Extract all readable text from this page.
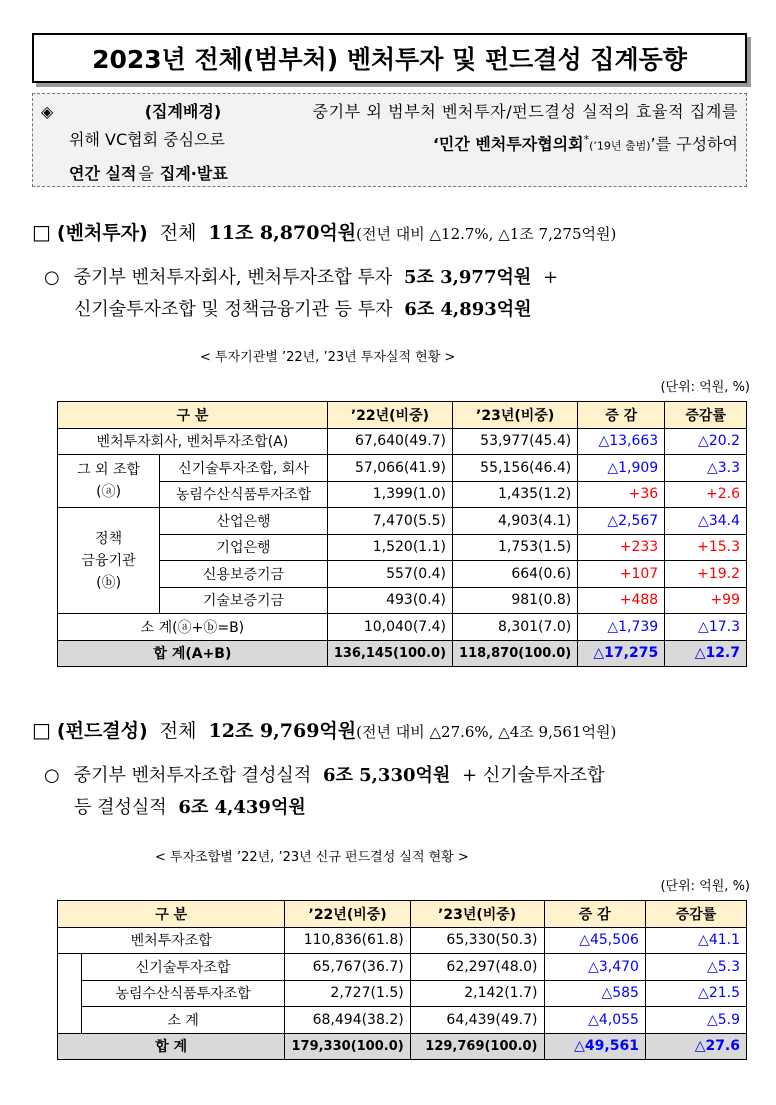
2023년 전체(범부처) 벤처투자 및 펀드결성 집계동향
◈	(집계배경)	중기부 외 범부처 벤처투자/펀드결성 실적의 효율적 집계를
위해 VC협회 중심으로	‘민간 벤처투자협의회*(’19년 출범)’를 구성하여
연간 실적 을 집계·발표
□ (벤처투자) 전체 11조 8,870억원(전년 대비 △12.7%, △1조 7,275억원)
○ 중기부 벤처투자회사, 벤처투자조합 투자 5조 3,977억원 +
신기술투자조합 및 정책금융기관 등 투자 6조 4,893억원
< 투자기관별 ’22년, ’23년 투자실적 현황 >
(단위: 억원, %)
구 분		’22년(비중)	’23년(비중)	증 감	증감률
벤처투자회사, 벤처투자조합(A)		67,640(49.7)	53,977(45.4)	△13,663	△20.2
그 외 조합
(ⓐ)	신기술투자조합, 회사	57,066(41.9)	55,156(46.4)	△1,909	△3.3
	농림수산식품투자조합	1,399(1.0)	1,435(1.2)	+36	+2.6
정책
금융기관
(ⓑ)	산업은행	7,470(5.5)	4,903(4.1)	△2,567	△34.4
	기업은행	1,520(1.1)	1,753(1.5)	+233	+15.3
	신용보증기금	557(0.4)	664(0.6)	+107	+19.2
	기술보증기금	493(0.4)	981(0.8)	+488	+99
소 계(ⓐ+ⓑ=B)		10,040(7.4)	8,301(7.0)	△1,739	△17.3
합 계(A+B)		136,145(100.0)	118,870(100.0)	△17,275	△12.7
□ (펀드결성) 전체 12조 9,769억원(전년 대비 △27.6%, △4조 9,561억원)
○ 중기부 벤처투자조합 결성실적 6조 5,330억원 + 신기술투자조합
등 결성실적 6조 4,439억원
< 투자조합별 ’22년, ’23년 신규 펀드결성 실적 현황 >
(단위: 억원, %)
구 분		’22년(비중)	’23년(비중)	증 감	증감률
벤처투자조합		110,836(61.8)	65,330(50.3)	△45,506	△41.1
	신기술투자조합	65,767(36.7)	62,297(48.0)	△3,470	△5.3
	농림수산식품투자조합	2,727(1.5)	2,142(1.7)	△585	△21.5
	소 계	68,494(38.2)	64,439(49.7)	△4,055	△5.9
합 계		179,330(100.0)	129,769(100.0)	△49,561	△27.6
